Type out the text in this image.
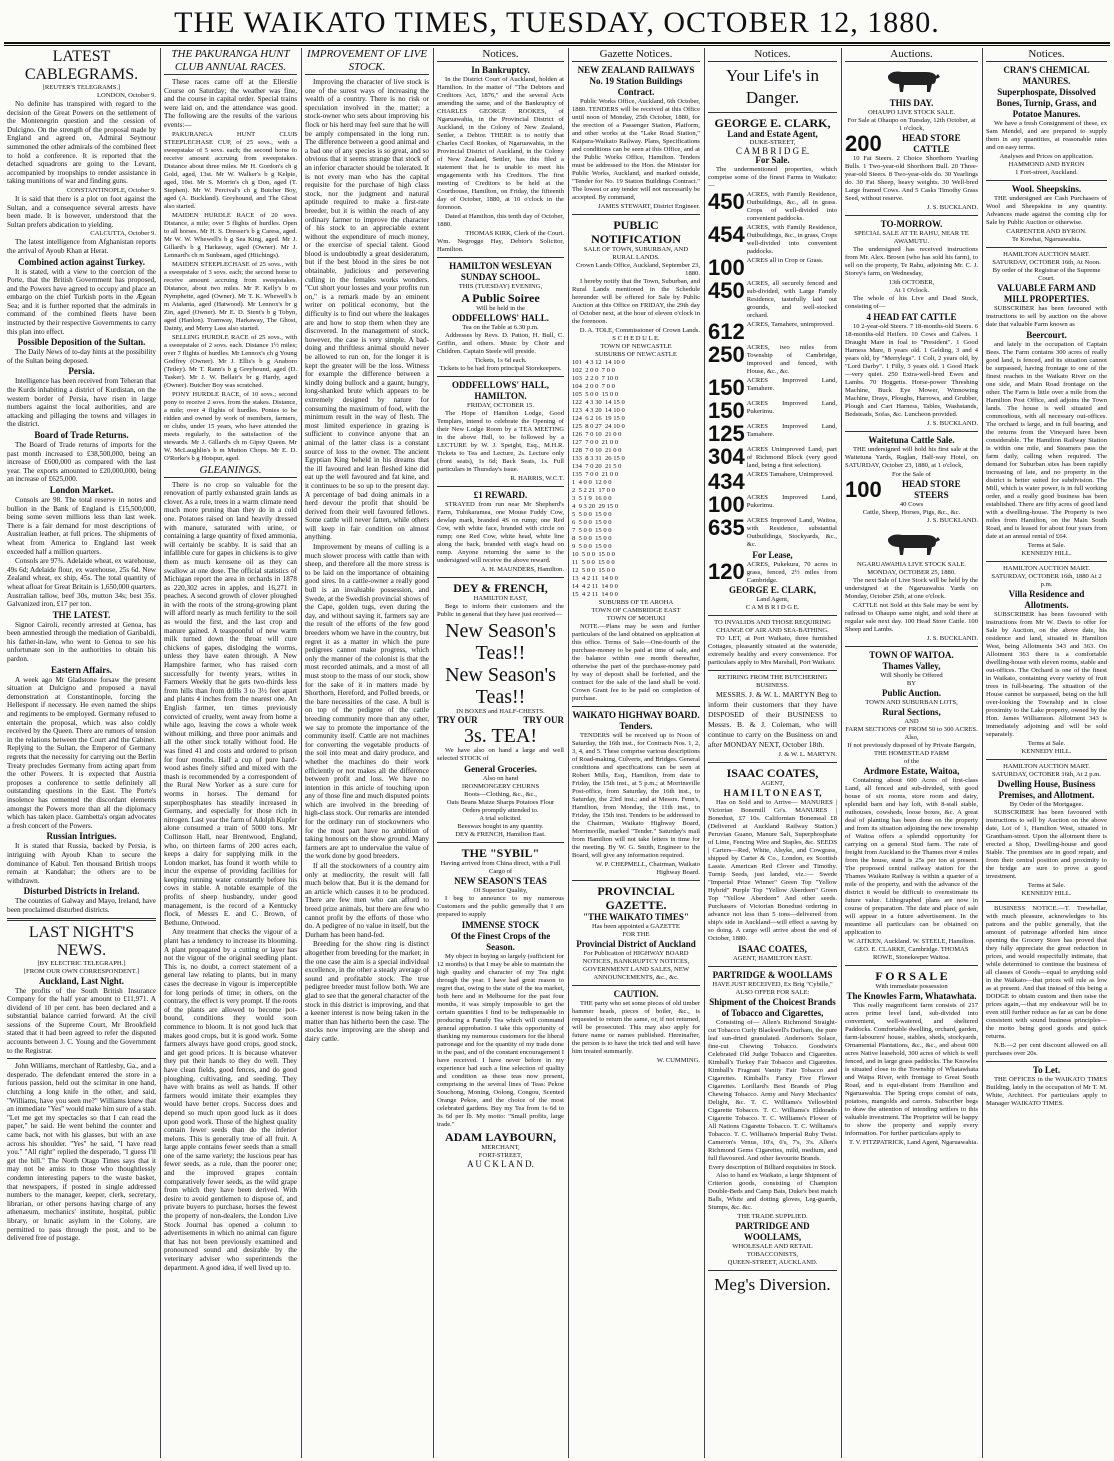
THE WAIKATO TIMES, TUESDAY, OCTOBER 12, 1880.
LATEST CABLEGRAMS.
[REUTER'S TELEGRAMS.]
LONDON, October 9.
No definite has transpired with regard to the decision of the Great Powers on the settlement of the Montenegrin question and the cession of Dulcigno. On the strength of the proposal made by England and agreed on, Admiral Seymour summoned the other admirals of the combined fleet to hold a conference. It is reported that the detached squadrons are going to the Levant, accompanied by troopships to render assistance in taking munitions of war and finding guns.
CONSTANTINOPLE, October 9.
It is said that there is a plot on foot against the Sultan, and a consequence several arrests have been made. It is however, understood that the Sultan prefers abdication to yielding.
CALCUTTA, October 9.
The latest intelligence from Afghanistan reports the arrival of Ayoub Khan at Herat.
Combined action against Turkey.
It is stated, with a view to the coercion of the Porte, that the British Government has proposed, and the Powers have agreed to occupy and place an embargo on the chief Turkish ports in the Ægean Sea; and it is further reported that the admirals in command of the combined fleets have been instructed by their respective Governments to carry this plan into effect.
Possible Deposition of the Sultan.
The Daily News of to-day hints at the possibility of the Sultan being deposed.
Persia.
Intelligence has been received from Teheran that the Kurds inhabiting a district of Kurdistan, on the western border of Persia, have risen in large numbers against the local authorities, and are attacking and pillaging the towns and villages in the district.
Board of Trade Returns.
The Board of Trade returns of imports for the past month increased to £38,500,000, being an increase of £600,000 as compared with the last year. The exports amounted to £20,000,000, being an increase of £625,000.
London Market.
Consols are 98. The total reserve in notes and bullion in the Bank of England is £15,500,000, being some seven millions less than last week. There is a fair demand for most descriptions of Australian leather, at full prices. The shipments of wheat from America to England last week exceeded half a million quarters.
Consols are 97¾. Adelaide wheat, ex warehouse, 49s 6d; Adelaide flour, ex warehouse, 25s 6d. New Zealand wheat, ex ship, 45s. The total quantity of wheat afloat for Great Britain is 1,650,000 quarters. Australian tallow, beef 30s, mutton 34s; best 35s. Galvanized iron, £17 per ton.
THE LATEST.
Signor Cairoli, recently arrested at Genoa, has been amnestied through the mediation of Garibaldi, his father-in-law, who went to Genoa to see his unfortunate son in the authorities to obtain his pardon.
Eastern Affairs.
A week ago Mr Gladstone forsaw the present situation at Dulcigno and proposed a naval demonstration at Constantinople, forcing the Hellespont if necessary. He even named the ships and regiments to be employed. Germany refused to entertain the proposal, which was also coldly received by the Queen. There are rumors of tension in the relations between the Court and the Cabinet. Replying to the Sultan, the Emperor of Germany regrets that the necessity for carrying out the Berlin Treaty precludes Germany from acting apart from the other Powers. It is expected that Austria proposes a conference to settle definitely all outstanding questions in the East. The Porte's insolence has cemented the discordant elements amongst the Powers more than all the diplomacy which has taken place. Gambetta's organ advocates a fresh concert of the Powers.
Russian Intrigues.
It is stated that Russia, backed by Persia, is intriguing with Ayoub Khan to secure the dominance of Kabul. Ten thousand British troops remain at Kandahar; the others are to be withdrawn.
Disturbed Districts in Ireland.
The counties of Galway and Mayo, Ireland, have been proclaimed disturbed districts.
LAST NIGHT'S NEWS.
[BY ELECTRIC TELEGRAPH.]
[FROM OUR OWN CORRESPONDENT.]
Auckland, Last Night.
The profits of the South British Insurance Company for the half year amount to £11,971. A dividend of 10 per cent. has been declared and a substantial balance carried forward. At the civil sessions of the Supreme Court, Mr Brookfield stated that it had been agreed to refer the disputed accounts between J. C. Young and the Government to the Registrar.
John Williams, merchant of Rattlesby, Ga., and a desperado. The defendant entered the store in a furious passion, held out the scimitar in one hand, clutching a long knife in the other, and said, "Williams, have you seen me?" Williams knew that an immediate "Yes" would make him sure of a stab. "Let me get my spectacles so that I can read the paper," he said. He went behind the counter and came back, not with his glasses, but with an axe across his shoulder. "Yes" he said, "I have read you." "All right" replied the desperado, "I guess I'll get the bill." The North Otago Times says that it may not be amiss to those who thoughtlessly condemn interesting papers to the waste basket, that newspapers, if posted in single addressed numbers to the manager, keeper, clerk, secretary, librarian, or other persons having charge of any athenaeum, mechanics' institute, hospital, public library, or lunatic asylum in the Colony, are permitted to pass through the post, and to be delivered free of postage.
THE PAKURANGA HUNT CLUB ANNUAL RACES.
These races came off at the Ellerslie Course on Saturday; the weather was fine, and the course in capital order. Special trains were laid on, and the attendance was good. The following are the results of the various events:—
PAKURANGA HUNT CLUB STEEPLECHASE CUP, of 25 sovs., with a sweepstake of 5 sovs. each; the second horse to receive amount accruing from sweepstakes. Distance about three miles. Mr H. Gordon's ch g Gold, aged, 13st. Mr W. Walker's b g Kelpie, aged, 10st. Mr S. Morrin's ch g Don, aged (T. Stephen). Mr W. Percival's ch g Butcher Boy, aged (A. Buckland). Greyhound, and The Ghost also started.
MAIDEN HURDLE RACE of 20 sovs. Distance, a mile; over 5 flights of hurdles. Open to all horses. Mr H. S. Dresser's b g Caress, aged. Mr W. W. Whewell's b g Sea King, aged. Mr J. Gillard's b g Harkaway, aged (Owner). Mr J. Lennard's ch m Sunbeam, aged (Hitchings).
MAIDEN STEEPLECHASE of 25 sovs., with a sweepstake of 3 sovs. each; the second horse to receive amount accruing from sweepstakes. Distance, about two miles. Mr P. Kelly's b m Nymphette, aged (Owner). Mr T. K. Whewell's b m Atalanta, aged (Hatwood). Mr Lennox's br g Zin, aged (Owner). Mr E. D. Stent's b g Tobyn, aged (Hanlon). Tramway, Harkaway, The Ghost, Dainty, and Merry Lass also started.
SELLING HURDLE RACE of 25 sovs., with a sweepstake of 2 sovs. each. Distance 1½ miles; over 7 flights of hurdles. Mr Lennox's ch g Young Godfrey (Owner). Mr J. Ellis's b g Anaboro (Tetley). Mr T. Rann's b g Greyhound, aged (D. Tasker). Mr J. W. Bellair's br g Hardy, aged (Owner). Butcher Boy was scratched.
PONY HURDLE RACE, of 10 sovs.; second pony to receive 2 sovs. from the stakes. Distance, a mile; over 4 flights of hurdles. Ponies to be ridden and owned by work of members, farmers, or clubs, under 15 years, who have attended the meets regularly, to the satisfaction of the stewards. Mr J. Gillard's ch m Gipsy Queen. Mr W. McLaughlin's b m Mutton Chops. Mr E. D. O'Rorke's b g Hotspur, aged.
GLEANINGS.
There is no crop so valuable for the renovation of partly exhausted grain lands as clover. As a rule, trees in a warm climate need much more pruning than they do in a cold one. Potatoes raised on land heavily dressed with manure, saturated with urine, or containing a large quantity of fixed ammonia, will certainly be scabby. It is said that an infallible cure for gapes in chickens is to give them as much kerosene oil as they can swallow at one dose. The official statistics of Michigan report the area in orchards in 1878 as 220,302 acres in apples, and 16,271 in peaches. A second growth of clover ploughed in with the roots of the strong-growing plant will afford nearly as much fertility to the soil as would the first, and the last crop and manure gained. A teaspoonful of new warm milk turned down the throat will cure chickens of gapes, dislodging the worms, unless they have eaten through. A New Hampshire farmer, who has raised corn successfully for twenty years, writes in Farmers Weekly that he gets two-thirds less from hills than from drills 3 to 3½ feet apart and plants 4 inches from the nearest one. An English farmer, ten times previously convicted of cruelty, went away from home a while ago, leaving the cows a whole week without milking, and three poor animals and all the other stock totally without food. He was fined 41 and costs and ordered to prison for four months. Half a cup of pure hard-wood ashes finely sifted and mixed with the mash is recommended by a correspondent of the Rural New Yorker as a sure cure for worms in horses. The demand for superphosphates has steadily increased in Germany, and especially for those rich in nitrogen. Last year the farm of Adolph Kupfer alone consumed a train of 5000 tons. Mr Collinson Hall, near Brentwood, England, who, on thirteen farms of 200 acres each, keeps a dairy for supplying milk in the London market, has found it worth while to incur the expense of providing facilities for keeping running water constantly before his cows in stable. A notable example of the profits of sheep husbandry, under good management, is the record of a Kentucky flock, of Messrs E. and C. Brown, of Bethune, Ontwood.
Any treatment that checks the vigour of a plant has a tendency to increase its blooming. A plant propagated by a cutting or layer has not the vigour of the original seedling plant. This is, no doubt, a correct statement of a general law relating to plants, but in many cases the decrease in vigour is imperceptible for long periods of time; in others, on the contrary, the effect is very prompt. If the roots of the plants are allowed to become pot-bound, conditions they would soon commence to bloom. It is not good luck that makes good crops, but it is good work. Some farmers always have good crops, good stock, and get good prices. It is because whatever they put their hands to they do well. They have clean fields, good fences, and do good ploughing, cultivating, and seeding. They have with brains as well as hands. If other farmers would imitate their examples they would have better crops. Success does and depend so much upon good luck as it does upon good work. Those of the highest quality contain fewer seeds than do the inferior melons. This is generally true of all fruit. A large apple contains fewer seeds than a small one of the same variety; the luscious pear has fewer seeds, as a rule, than the poorer one; and the improved grapes contain comparatively fewer seeds, as the wild grape from which they have been derived. With desire to avoid gentlemen to dispose of, and private buyers to purchase, horses the fewest the property of non-dealers, the London Live Stock Journal has opened a column to advertisements in which no animal can figure that has not been previously examined and pronounced sound and desirable by the veterinary adviser who superintends the department. A good idea, if well lived up to.
IMPROVEMENT OF LIVE STOCK.
Improving the character of live stock is one of the surest ways of increasing the wealth of a country. There is no risk or speculation involved in the matter; a stock-owner who sets about improving his flock or his herd may feel sure that he will be amply compensated in the long run. The difference between a good animal and a bad one of any species is so great, and so obvious that it seems strange that stock of an inferior character should be tolerated. It is not every man who has the capital requisite for the purchase of high class stock, nor the judgment and natural aptitude required to make a first-rate breeder, but it is within the reach of any ordinary farmer to improve the character of his stock to an appreciable extent without the expenditure of much money, or the exercise of special talent. Good blood is undoubtedly a great desideratum, but if the best blood in the sires be not obtainable, judicious and persevering culling in the females works wonders. "Cut short your losses and your profits run on," is a remark made by an eminent writer on political economy, but the difficulty is to find out where the leakages are and how to stop them when they are discovered. In the management of stock, however, the case is very simple. A bad-doing and thriftless animal should never be allowed to run on, for the longer it is kept the greater will be the loss. Witness for example the difference between a kindly doing bullock and a gaunt, hungry, long-shanked brute which appears to be extremely designed by nature for consuming the maximum of food, with the minimum result in the way of flesh. The most limited experience in grazing is sufficient to convince anyone that an animal of the latter class is a constant source of loss to the owner. The ancient Egyptian King beheld in his dreams that the ill favoured and lean fleshed kine did eat up the well favoured and fat kine, and it continues to be so up to the present day. A percentage of bad doing animals in a herd devour the profit that should be derived from their well favoured fellows. Some cattle will never fatten, while others will keep in fair condition on almost anything.
Improvement by means of culling is a much slower process with cattle than with sheep, and therefore all the more stress is to be laid on the importance of obtaining good sires. In a cattle-owner a really good bull is an invaluable possession, and Swede, at the Swedish provincial shows of the Cape, golden tugs, even during the day, and without saying it, farmers say are the result of the efforts of the few good breeders whom we have in the country, but regret it as a matter in which the pure pedigrees cannot make progress, which only the manner of the colonist is that the most recorded animals, and a most of all must stoop to the mass of our stock, show for the sake of it in matters made by Shorthorn, Hereford, and Polled breeds, or the bare necessities of the case. A bull is on top of the pedigree of the cattle breeding community more than any other, we say to promote the importance of the community itself. Cattle are not machines for converting the vegetable products of the soil into meat and dairy produce, and whether the machines do their work efficiently or not makes all the difference between profit and loss. We have no intention in this article of touching upon any of those fine and much disputed points which are involved in the breeding of high-class stock. Our remarks are intended for the ordinary run of stockowners who for the most part have no ambition of taking honours on the show ground. Many farmers are apt to undervalue the value of the work done by good breeders.
If all the stockowners of a country aim only at mediocrity, the result will fall much below that. But it is the demand for an article which causes it to be produced. There are few men who can afford to breed prize animals, but there are few who cannot profit by the efforts of those who do. A pedigree of no value in itself, but the Durham has been hand-fed.
Breeding for the show ring is distinct altogether from breeding for the market; in the one case the aim is a special individual excellence, in the other a steady average of sound and profitable stock. The true pedigree breeder must follow both. We are glad to see that the general character of the stock in this district is improving, and that a keener interest is now being taken in the matter than has hitherto been the case. The stocks now improving are the sheep and dairy cattle.
Notices.
In Bankruptcy.
In the District Court of Auckland, holden at Hamilton. In the matter of "The Debtors and Creditors Act, 1876," and the several Acts amending the same, and of the Bankruptcy of CHARLES GEORGE ROOKES, of Ngaruawahia, in the Provincial District of Auckland, in the Colony of New Zealand, Settler, a Debtor. THERE is to notify that Charles Cecil Rookes, of Ngaruawahia, in the Provincial District of Auckland, in the Colony of New Zealand, Settler, has this filed a statement that he is unable to meet his engagements with his Creditors. The first meeting of Creditors to be held at the Courthouse, Hamilton, on Friday, the fifteenth day of October, 1880, at 10 o'clock in the forenoon.
Dated at Hamilton, this tenth day of October, 1880.
THOMAS KIRK, Clerk of the Court.
Wm. Negrogge Hay, Debtor's Solicitor, Hamilton.
HAMILTON WESLEYAN SUNDAY SCHOOL.
THIS (TUESDAY) EVENING,
A Public Soiree
Will be held in the
ODDFELLOWS' HALL.
Tea on the Table at 6.30 p.m.
Addresses by Revs. D. Patton, H. Bull, C. Griffin, and others. Music by Choir and Children. Captain Steele will preside.
Tickets, 1s 6d each.
Tickets to be had from principal Storekeepers.
ODDFELLOWS' HALL, HAMILTON.
FRIDAY, OCTOBER 15.
The Hope of Hamilton Lodge, Good Templars, intend to celebrate the Opening of their New Lodge Room by a TEA MEETING in the above Hall, to be followed by a LECTURE by W. J. Speight, Esq., M.H.R. Tickets to Tea and Lecture, 2s. Lecture only (front seats), 1s 6d; Back Seats, 1s. Full particulars in Thursday's issue.
R. HARRIS, W.C.T.
£1 REWARD.
STRAYED from run near Mr Shepherd's Farm, Tuhikaramea, one Mouse Fuddy Cow, dewlap mark, branded 4S on rump; one Red Cow, with white face, branded with circle on rump; one Red Cow, white head, white line along the back, branded with stag's head on rump. Anyone returning the same to the undersigned will receive the above reward.
A. H. MAUNDERS, Hamilton.
DEY & FRENCH,
HAMILTON EAST,
Begs to inform their customers and the Public in general that they have just received—
New Season's Teas!!
New Season's Teas!!
IN BOXES and HALF-CHESTS.
TRY OUR	TRY OUR
3s. TEA!
We have also on hand a large and well selected STOCK of
General Groceries.
Also on hand
IRONMONGERY CHURNS
Boots—Clothing, &c., &c.,
Oats Beans Maize Sharps Potatoes Flour
Orders promptly attended to.
A trial solicited.
Beeswax bought in any quantity.
DEY & FRENCH, Hamilton East.
THE "SYBIL"
Having arrived from China direct, with a Full Cargo of
NEW SEASON'S TEAS
Of Superior Quality,
I beg to announce to my numerous Customers and the public generally that I am prepared to supply
IMMENSE STOCK
Of the Finest Crops of the Season.
My object in buying so largely (sufficient for 12 months) is that I may be able to maintain the high quality and character of my Tea right through the year. I have had great reason to regret that, owing to the state of the tea market, both here and in Melbourne for the past four months, it was simply impossible to get the certain quantities I find to be indispensable in producing a Family Tea which will command general approbation. I take this opportunity of thanking my numerous customers for the liberal patronage and for the quantity of my trade done in the past, and of the constant encouragement I have received. I have never before in my experience had such a fine selection of quality and condition as these teas now present, comprising in the several lines of Teas: Pekoe Souchong, Moning, Oolong, Congou, Scented Orange Pekoe, and the choice of the most celebrated gardens. Buy my Tea from 1s 6d to 3s 6d per lb. My motto: "Small profits, large trade."
ADAM LAYBOURN,
MERCHANT,
FORT-STREET,
A U C K L A N D.
Gazette Notices.
NEW ZEALAND RAILWAYS
No. 19 Station Buildings Contract.
Public Works Office, Auckland, 6th October, 1880. TENDERS will be received at this Office until noon of Monday, 25th October, 1880, for the erection of a Passenger Station, Platform, and other works at the "Lake Road Station," Kaipara-Waikato Railway. Plans, Specifications and conditions can be seen at this Office, and at the Public Works Office, Hamilton. Tenders must be addressed to the Hon. the Minister for Public Works, Auckland, and marked outside, "Tender for No. 19 Station Buildings Contract." The lowest or any tender will not necessarily be accepted. By command,
JAMES STEWART, District Engineer.
PUBLIC NOTIFICATION
SALE OF TOWN, SUBURBAN, AND RURAL LANDS.
Crown Lands Office, Auckland, September 23, 1880.
I hereby notify that the Town, Suburban, and Rural Lands mentioned in the Schedule hereunder will be offered for Sale by Public Auction at this Office on FRIDAY, the 29th day of October next, at the hour of eleven o'clock in the forenoon.
D. A. TOLE, Commissioner of Crown Lands.
S C H E D U L E.
TOWN OF NEWCASTLE
SUBURBS OF NEWCASTLE
101  4 3 12  14 10 0
102  2 0 0  7 0 0
103  2 2 0  7 10 0
104  2 0 0  7 0 0
105  5 0 0  15 0 0
122  4 3 30  14 15 0
123  4 3 20  14 10 0
124  6 2 16  19 15 0
125  8 0 27  24 10 0
126  7 0 10  21 0 0
127  7 0 0  21 0 0
128  7 0 10  21 0 0
133  8 3 31  26 15 0
134  7 0 20  21 5 0
135  7 0 0  21 0 0
1  4 0 0  12 0 0
2  5 2 21  17 0 0
3  5 1 9  16 0 0
4  9 3 20  29 15 0
5  5 0 0  15 0 0
6  5 0 0  15 0 0
7  5 0 0  15 0 0
8  5 0 0  15 0 0
9  5 0 0  15 0 0
10  5 0 0  15 0 0
11  5 0 0  15 0 0
12  5 0 0  15 0 0
13  4 2 11  14 0 0
14  4 2 11  14 0 0
15  4 2 11  14 0 0
SUBURBS OF TE AROHA
TOWN OF CAMBRIDGE EAST
TOWN OF MOHUKI
NOTE.—Plans may be seen and further particulars of the land obtained on application at this office. Terms of Sale—One-fourth of the purchase-money to be paid at time of sale, and the balance within one month thereafter, otherwise the part of the purchase-money paid by way of deposit shall be forfeited, and the contract for the sale of the land shall be void. Crown Grant fee to be paid on completion of purchase.
WAIKATO HIGHWAY BOARD.
Tenders.
TENDERS will be received up to Noon of Saturday, the 16th inst., for Contracts Nos. 1, 2, 3, 4, and 5. These comprise various descriptions of Road-making, Culverts, and Bridges. General conditions and specifications can be seen at Robert Mills, Esq., Hamilton, from date to Friday, the 15th inst., at 5 p.m.; at Morrinsville Post-office, from Saturday, the 16th inst., to Saturday, the 23rd inst.; and at Messrs. Fenn's, Hamilton, from Monday, the 11th inst., to Friday, the 15th inst. Tenders to be addressed to the Chairman, Waikato Highway Board, Morrinsville, marked "Tender." Saturday's mail from Hamilton will not take letters in time for the meeting. By W. G. Smith, Engineer to the Board, will give any information required.
W. P. CHEPMELL, Chairman, Waikato Highway Board.
PROVINCIAL GAZETTE.
"THE WAIKATO TIMES"
Has been appointed a GAZETTE
FOR THE
Provincial District of Auckland
For Publication of HIGHWAY BOARD NOTICES, BANKRUPTCY NOTICES, GOVERNMENT LAND SALES, NEW ANNOUNCEMENTS, &c., &c.
CAUTION.
THE party who set some pieces of old timber hammer heads, pieces of boiler, &c., is requested to return the same, or, if not returned, will be prosecuted. This may also apply for future name or names published. Hereinafter, the person is to have the trick tied and will have him treated summarily.
W. CUMMING.
Notices.
Your Life's in Danger.
GEORGE E. CLARK,
Land and Estate Agent,
DUKE-STREET,
C A M B R I D G E.
For Sale.
The undermentioned properties, which comprise some of the finest Farms in Waikato:—
450 ACRES, with Family Residence, Outbuildings, &c., all in grass. Crops of well-divided into convenient paddocks.
454 ACRES, with Family Residence, Outbuildings, &c., in grass, Crops well-divided into convenient paddocks.
100 ACRES all in Crop or Grass.
450 ACRES, all securely fenced and sub-divided, with Large Family Residence, tastefully laid out grounds, and well-stocked orchard.
612 ACRES, Tamahere, unimproved.
250 ACRES, two miles from Township of Cambridge, improved and fenced, with House, &c., &c.
150 ACRES Improved Land, Tamahere.
150 ACRES Improved Land, Pukerimu.
125 ACRES Improved Land, Tamahere.
304 ACRES Unimproved Land, part of Richmond Block (very good land, being a first selection).
434 ACRES Tamahere, Unimproved.
100 ACRES Improved Land, Pukerimu.
635 ACRES Improved Land, Waitoa, with Residence, substantial Outbuildings, Stockyards, &c., &c.
For Lease,
120 ACRES, Pukekura, 70 acres in grass, fenced, 2½ miles from Cambridge.
GEORGE E. CLARK,
Land Agent,
C A M B R I D G E.
TO INVALIDS AND THOSE REQUIRING CHANGE OF AIR AND SEA-BATHING.
TO LET, at Port Waikato, three furnished Cottages, pleasantly situated at the waterside, extremely healthy and every convenience. For particulars apply to Mrs Marshall, Port Waikato.
RETIRING FROM THE BUTCHERING BUSINESS.
MESSRS. J. & W. L. MARTYN Beg to inform their customers that they have DISPOSED of their BUSINESS to Messrs. B. & J. Coleman, who will continue to carry on the Business on and after MONDAY NEXT, October 18th.
J. & W. L. MARTYN.
ISAAC COATES,
AGENT,
H A M I L T O N E A S T,
Has on Sold and to Arrive— MANURES | Victorian Bonemill Co's. MANURES | Bonedust, £7 10s. Californian Bonemeal £8 (Delivered at Auckland Railway Station.) Peruvian Guano, Manure Salt, Superphosphate of Lime, Fencing Wire and Staples, &c. SEEDS | Carters—Red, White, Alsyke, and Cowgrass, shipped by Carter & Co., London, ex Scottish Lassie. American Red Clover and Timothy. Turnip Seeds, just landed, viz.:— Swede "Imperial Prize Winner" Green Top "Yellow Hybrid" Purple Top "Yellow Aberdeen" Green Top "Yellow Aberdeen" And other seeds. Purchasers of Victorian Bonedust ordering in advance not less than 5 tons—delivered from ship's side in Auckland—will effect a saving by so doing. A cargo will arrive about the end of October, 1880.
ISAAC COATES,
AGENT, HAMILTON EAST.
PARTRIDGE & WOOLLAMS
HAVE JUST RECEIVED, Ex Brig "Cybille,"
ALSO OFFER FOR SALE:
Shipment of the Choicest Brands of Tobacco and Cigarettes,
Consisting of— Allen's Richmond Straight-cut Tobacco Curly Blackwell's Durham, the pure leaf sun-dried granulated. Anderson's Solace, fine-cut Chewing Tobacco. Goodwin's Celebrated Old Judge Tobacco and Cigarettes. Kimball's Turkey Fair Tobacco and Cigarettes. Kimball's Fragrant Vanity Fair Tobacco and Cigarettes. Kimball's Fancy Five Flower Cigarettes. Lorillard's Best Brands of Plug Chewing Tobacco. Army and Navy Mechanics' Delight, &c. T. C. Williams's Yellowbird Cigarette Tobacco. T. C. Williams's Eldorado Cigarette Tobacco. T. C. Williams's Flower of All Nations Cigarette Tobacco. T. C. Williams's Tobacco. T. C. Williams's Imperial Ruby Twist. Cameron's Venus, 10's, 6's, 7's, 3's. Allen's Richmond Gems Cigarettes, mild, medium, and full flavoured. And other favourite Brands.
Every description of Billiard requisites in Stock.
Also to hand ex Waikato, a large Shipment of Criterion goods, consisting of Champion Double-Beds and Camp Bats, Duke's best match Balls, White and dotting gloves, Leg-guards, Stumps, &c. &c.
THE TRADE SUPPLIED.
PARTRIDGE AND WOOLLAMS,
WHOLESALE AND RETAIL TOBACCONISTS,
QUEEN-STREET, AUCKLAND.
Meg's Diversion.
Auctions.
THIS DAY.
OHAUPO LIVE STOCK SALE.
For Sale at Ohaupo on Tuesday, 12th October, at 1 o'clock,
200	HEAD STORE CATTLE
10 Fat Steers. 2 Choice Shorthorn Yearling Bulls. 1 Two-year-old Shorthorn Bull. 20 Three-year-old Steers. 8 Two-year-olds do. 30 Yearlings do. 30 Fat Sheep, heavy weights. 30 Well-bred Large framed Cows. And 5 Casks Timothy Grass Seed, without reserve.
J. S. BUCKLAND.
TO-MORROW.
SPECIAL SALE AT TE RAHU, NEAR TE AWAMUTU.
The undersigned has received instructions from Mr. Alex. Brown (who has sold his farm), to sell on the property, Te Rahu, adjoining Mr. C. J. Storey's farm, on Wednesday,
13th OCTOBER,
At 1 O'clock.
The whole of his Live and Dead Stock, consisting of—
4 HEAD FAT CATTLE
10 2-year-old Steers. 7 18-months-old Steers. 6 18-months-old Heifers. 10 Cows and Calves. 1 Draught Mare in foal to "President". 1 Good Harness Mare, 8 years old. 1 Gelding, 3 and 4 years old, by "Merrylegs". 1 Colt, 2 years old, by "Lord Darby". 1 Filly, 3 years old. 1 Good Hack—very quiet. 250 Extra-well-bred Ewes and Lambs. 70 Hoggetts. Horse-power Threshing Machine, Buck Eye Mower, Winnowing Machine, Drays, Ploughs, Harrows, and Grubber, Plough and Cart Harness, Tables, Washstands, Bedsteads, Sofas, &c. Luncheon provided.
J. S. BUCKLAND.
Waitetuna Cattle Sale.
THE undersigned will hold his first sale at the Waitetuna Yards, Raglan, Half-way Hotel, on SATURDAY, October 23, 1880, at 1 o'clock,
For the Sale of
100	HEAD STORE STEERS
40 Cows
Cattle, Sheep, Horses, Pigs, &c., &c.
J. S. BUCKLAND.
NGARUAWAHIA LIVE STOCK SALE.
MONDAY, OCTOBER 25, 1880.
The next Sale of Live Stock will be held by the undersigned at the Ngaruawahia Yards on Monday, October 25th, at one o'clock.
CATTLE not Sold at this Sale may be sent by railroad to Ohaupo same night, and sold there at regular sale next day. 100 Head Store Cattle. 100 Sheep and Lambs.
J. S. BUCKLAND.
TOWN OF WAITOA.
Thames Valley,
Will Shortly be Offered
BY
Public Auction.
TOWN AND SUBURBAN LOTS,
Rural Sections,
AND
FARM SECTIONS OF FROM 50 to 300 ACRES.
Also,
If not previously disposed of by Private Bargain,
THE HOMESTEAD FARM
of the
Ardmore Estate, Waitoa,
Containing about 600 Acres of first-class Land, all fenced and sub-divided, with good house of six rooms, store room and dairy, splendid barn and hay loft, with 8-stall stable, outhouses, cowsheds, loose boxes, &c. A great deal of planting has been done on the property and from its situation adjoining the new township of Waitoa offers a splendid opportunity for carrying on a general Stud farm. The rate of freight from Auckland to the Thames river 4 miles from the house, stand is 25s per ton at present. The proposed central railway station for the Thames Waikato Railway is within a quarter of a mile of the property, and with the advance of the district it would be difficult to overestimate its future value. Lithographed plans are now in course of preparation. The date and place of sale will appear in a future advertisement. In the meantime all particulars can be obtained on application to
W. AITKEN, Auckland. W. STEELE, Hamilton. GEO. E. CLARKE, Cambridge. THOMAS ROWE, Stonekeeper Waitoa.
F O R S A L E
With immediate possession
The Knowles Farm, Whatawhata.
This really magnificent farm consists of 217 acres prime level land, sub-divided into convenient, well-watered, and sheltered Paddocks. Comfortable dwelling, orchard, garden, farm-labourers' house, stables, sheds, stockyards, Ornamental Plantations, &c., &c., and about 600 acres Native leasehold, 300 acres of which is well fenced, and in large grass paddocks. The Knowles is situated close to the Township of Whatawhata and Waipa River, with frontage to Great South Road, and is equi-distant from Hamilton and Ngaruawahia. The Spring crops consist of oats, potatoes, mangolds and carrots. Subscriber begs to draw the attention of intending settlers to this valuable investment. The Proprietor will be happy to show the property and supply every information. For further particulars apply to
T. V. FITZPATRICK, Land Agent, Ngaruawahia.
Notices.
CRAN'S CHEMICAL MANURES.
Superphospate, Dissolved Bones, Turnip, Grass, and Potatoe Manures.
We have a fresh Consignment of these, ex Sam Mendel, and are prepared to supply them in any quantities, at reasonable rates and on easy terms.
Analyses and Prices on application.
HAMMOND AND BYRON
1 Fort-street, Auckland.
Wool. Sheepskins.
THE undersigned are Cash Purchasers of Wool and Sheepskins in any quantity. Advances made against the coming clip for Sale by Public Auction or otherwise.
CARPENTER AND BYRON.
Te Kowhai, Ngaruawahia.
HAMILTON AUCTION MART.
SATURDAY, OCTOBER 16th, At Noon.
By order of the Registrar of the Supreme Court.
VALUABLE FARM AND MILL PROPERTIES.
SUBSCRIBER has been favoured with instructions to sell by auction on the above date that valuable Farm known as
Beercourt.
and lately in the occupation of Captain Bees. The Farm contains 300 acres of really good land, is fenced, and its situation cannot be surpassed, having frontage to one of the finest reaches in the Waikato River on the one side, and Main Road frontage on the other. The Farm is little over a mile from the Hamilton Post Office, and adjoins the Town lands. The house is well situated and commodious, with all necessary out-offices. The orchard is large, and in full bearing, and the returns from the Vineyard have been considerable. The Hamilton Railway Station is within one mile, and Steamers pass the farm daily, calling when required. The demand for Suburban sites has been rapidly increasing of late, and no property in the district is better suited for subdivision. The Mill, which is water power, is in full working order, and a really good business has been established. There are fifty acres of good land with a dwelling-house. The Property is two miles from Hamilton, on the Main South Road, and is leased for about four years from date at an annual rental of £64.
Terms at Sale.
KENNEDY HILL.
HAMILTON AUCTION MART.
SATURDAY, OCTOBER 16th, 1880 At 2 p.m.
Villa Residence and Allotments.
SUBSCRIBER has been favoured with instructions from Mr W. Davis to offer for Sale by Auction, on the above date, his residence and land, situated in Hamilton West, being Allotments 343 and 363. On Allotment 363 there is a comfortable dwelling-house with eleven rooms, stable and out-offices. The Orchard is one of the finest in Waikato, containing every variety of fruit trees in full-bearing. The situation of the House cannot be surpassed, being on the hill over-looking the Township and in close proximity to the Lake property, owned by the Hon. James Williamson. Allotment 343 is immediately adjoining and will be sold separately.
Terms at Sale.
KENNEDY HILL.
HAMILTON AUCTION MART.
SATURDAY, OCTOBER 16th, At 2 p.m.
Dwelling House, Business Premises, and Allotment.
By Order of the Mortgagee.
SUBSCRIBER has been favoured with instructions to sell by Auction on the above date, Lot of 1, Hamilton West, situated in Grantham-street. Upon the allotment there is erected a Shop, Dwelling-house and good Stable. The premises are in good repair, and from their central position and proximity to the bridge are sure to prove a good investment.
Terms at Sale.
KENNEDY HILL.
BUSINESS NOTICE.—T. Trewhellar, with much pleasure, acknowledges to his patrons and the public generally, that the amount of patronage afforded him since opening the Grocery Store has proved that they fully appreciate the great reduction in prices, and would respectfully intimate, that while determined to continue the business of all classes of Goods—equal to anything sold in the Waikato—that prices will rule as low as at present. And that instead of this being a DODGE to obtain custom and then raise the prices again,—that my endeavour will be to even still further reduce as far as can be done consistent with sound business principles—the motto being good goods and quick returns.
N.B.—2 per cent discount allowed on all purchases over 20s.
To Let.
THE OFFICES in the WAIKATO TIMES Building, lately in the occupation of Mr T. M. White, Architect. For particulars apply to Manager WAIKATO TIMES.
